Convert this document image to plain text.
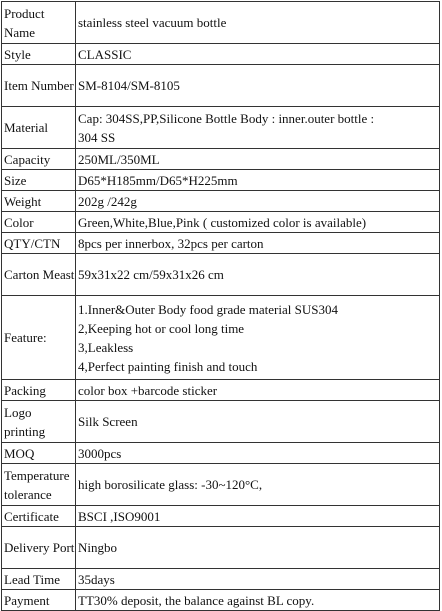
Product Name	stainless steel vacuum bottle

Style	CLASSIC

Item Number	SM-8104/SM-8105

Material	Cap: 304SS,PP,Silicone Bottle Body : inner.outer bottle :
304 SS

Capacity	250ML/350ML

Size	D65*H185mm/D65*H225mm

Weight	202g /242g

Color	Green,White,Blue,Pink ( customized color is available)

QTY/CTN	8pcs per innerbox, 32pcs per carton

Carton Meast	59x31x22 cm/59x31x26 cm

Feature:	1.Inner&Outer Body food grade material SUS304
2,Keeping hot or cool long time
3,Leakless
4,Perfect painting finish and touch

Packing	color box +barcode sticker

Logo printing	Silk Screen

MOQ	3000pcs

Temperature tolerance	high borosilicate glass: -30~120°C,

Certificate	BSCI ,ISO9001

Delivery Port	Ningbo

Lead Time	35days

Payment	TT30% deposit, the balance against BL copy.
